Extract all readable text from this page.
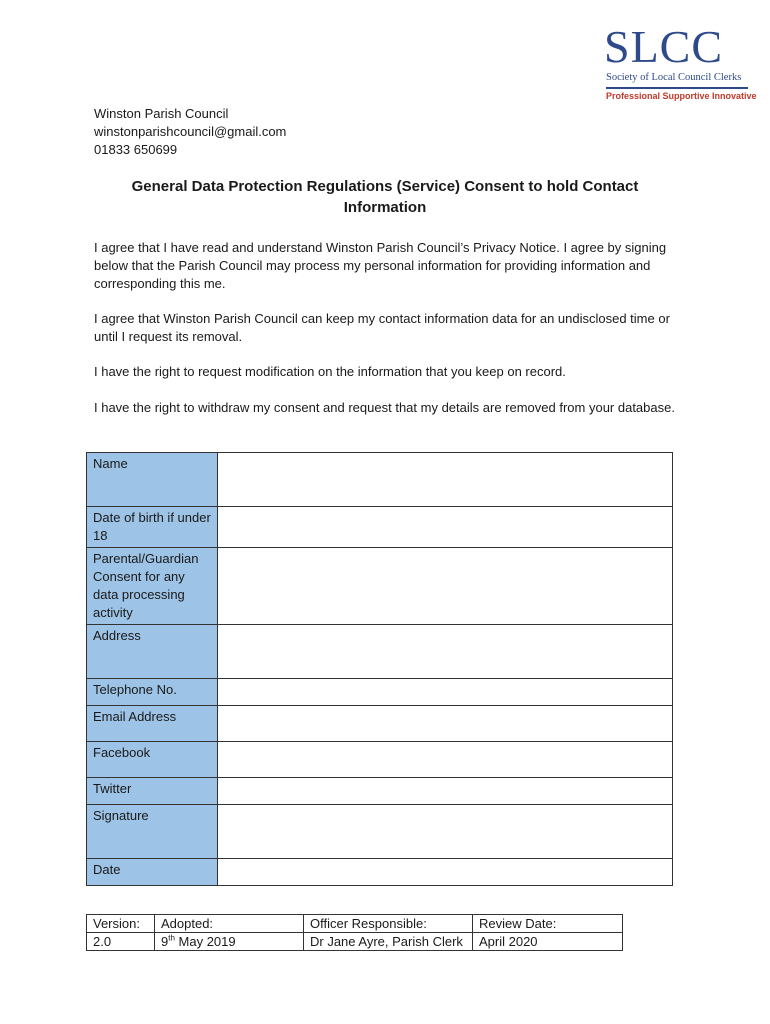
SLCC
Society of Local Council Clerks
Professional Supportive Innovative
Winston Parish Council
winstonparishcouncil@gmail.com
01833 650699
General Data Protection Regulations (Service) Consent to hold Contact Information
I agree that I have read and understand Winston Parish Council’s Privacy Notice. I agree by signing below that the Parish Council may process my personal information for providing information and corresponding this me.
I agree that Winston Parish Council can keep my contact information data for an undisclosed time or until I request its removal.
I have the right to request modification on the information that you keep on record.
I have the right to withdraw my consent and request that my details are removed from your database.
Name	
Date of birth if under 18	
Parental/Guardian Consent for any data processing activity	
Address	
Telephone No.	
Email Address	
Facebook	
Twitter	
Signature	
Date	
Version:	Adopted:	Officer Responsible:	Review Date:
2.0	9th May 2019	Dr Jane Ayre, Parish Clerk	April 2020
